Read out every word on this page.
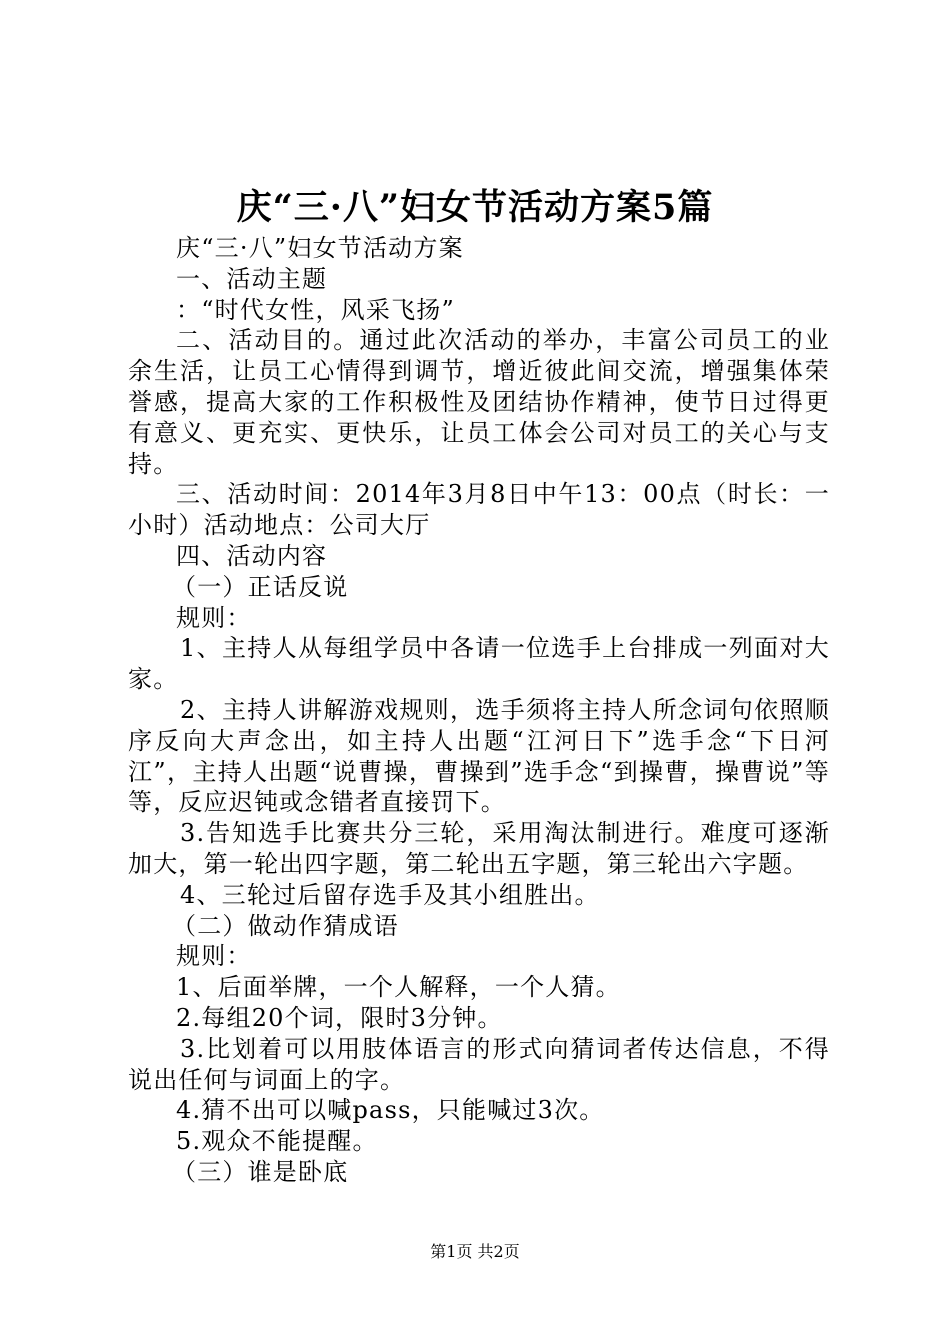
庆“三·八”妇女节活动方案5篇

庆“三·八”妇女节活动方案

一、活动主题

：“时代女性，风采飞扬”

二、活动目的。通过此次活动的举办，丰富公司员工的业余生活，让员工心情得到调节，增近彼此间交流，增强集体荣誉感，提高大家的工作积极性及团结协作精神，使节日过得更有意义、更充实、更快乐，让员工体会公司对员工的关心与支持。

三、活动时间：2014年3月8日中午13：00点（时长：一小时）活动地点：公司大厅

四、活动内容

（一）正话反说

规则：

1、主持人从每组学员中各请一位选手上台排成一列面对大家。

2、主持人讲解游戏规则，选手须将主持人所念词句依照顺序反向大声念出，如主持人出题“江河日下”选手念“下日河江”，主持人出题“说曹操，曹操到”选手念“到操曹，操曹说”等等，反应迟钝或念错者直接罚下。

3.告知选手比赛共分三轮，采用淘汰制进行。难度可逐渐加大，第一轮出四字题，第二轮出五字题，第三轮出六字题。

4、三轮过后留存选手及其小组胜出。

（二）做动作猜成语

规则：

1、后面举牌，一个人解释，一个人猜。

2.每组20个词，限时3分钟。

3.比划着可以用肢体语言的形式向猜词者传达信息，不得说出任何与词面上的字。

4.猜不出可以喊pass，只能喊过3次。

5.观众不能提醒。

（三）谁是卧底

第1页 共2页
